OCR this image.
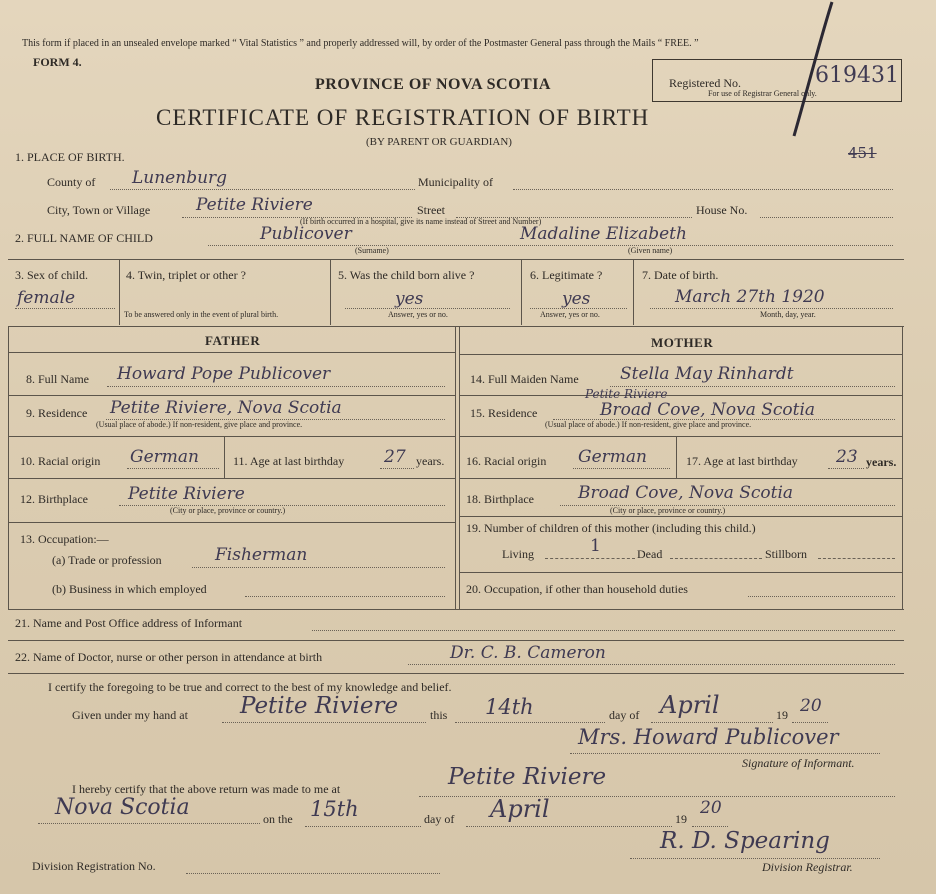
This form if placed in an unsealed envelope marked “ Vital Statistics ” and properly addressed will, by order of the Postmaster General pass through the Mails “ FREE. ”
FORM 4.
PROVINCE OF NOVA SCOTIA	Registered No.	619431
For use of Registrar General only.
CERTIFICATE OF REGISTRATION OF BIRTH
(BY PARENT OR GUARDIAN)
451
1. PLACE OF BIRTH.
County of Lunenburg	Municipality of
City, Town or Village	Petite Riviere	Street	House No.
(If birth occurred in a hospital, give its name instead of Street and Number)
2. FULL NAME OF CHILD	Publicover	Madaline Elizabeth
(Surname)	(Given name)
3. Sex of child.
female
4. Twin, triplet or other ?
To be answered only in the event of plural birth.
5. Was the child born alive ?
yes
Answer, yes or no.
6. Legitimate ?
yes
Answer, yes or no.
7. Date of birth.
March 27th 1920
Month, day, year.
FATHER	MOTHER
8. Full Name Howard Pope Publicover
9. Residence Petite Riviere, Nova Scotia
(Usual place of abode.) If non-resident, give place and province.
10. Racial origin German	11. Age at last birthday 27 years.
12. Birthplace Petite Riviere
(City or place, province or country.)
13. Occupation:—
(a) Trade or profession	Fisherman
(b) Business in which employed
14. Full Maiden Name Stella May Rinhardt
15. Residence
Petite Riviere
Broad Cove, Nova Scotia
(Usual place of abode.) If non-resident, give place and province.
16. Racial origin German	17. Age at last birthday 23 years.
18. Birthplace	Broad Cove, Nova Scotia
(City or place, province or country.)
19. Number of children of this mother (including this child.)
Living	1	Dead	Stillborn
20. Occupation, if other than household duties
21. Name and Post Office address of Informant
22. Name of Doctor, nurse or other person in attendance at birth	Dr. C. B. Cameron
I certify the foregoing to be true and correct to the best of my knowledge and belief.
Given under my hand at Petite Riviere	this 14th	day of April	19 20
Mrs. Howard Publicover
Signature of Informant.
I hereby certify that the above return was made to me at	Petite Riviere
Nova Scotia	on the 15th	day of April	19
20
R. D. Spearing
Division Registrar.
Division Registration No.
